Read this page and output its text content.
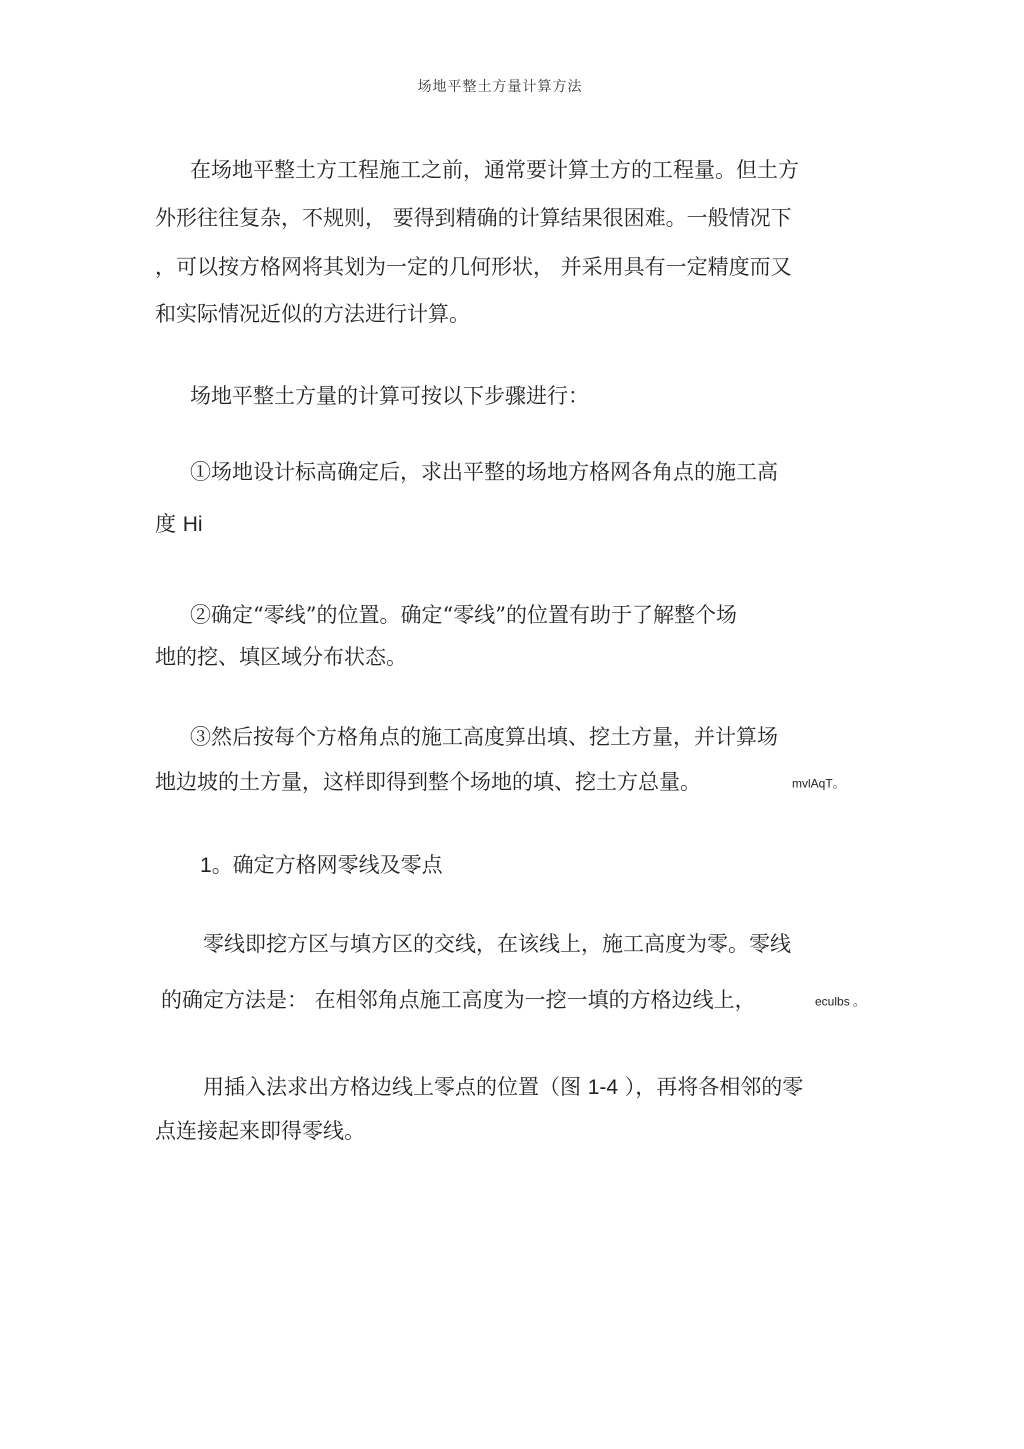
场地平整土方量计算方法
在场地平整土方工程施工之前，通常要计算土方的工程量。但土方
外形往往复杂，不规则， 要得到精确的计算结果很困难。一般情况下
，可以按方格网将其划为一定的几何形状， 并采用具有一定精度而又
和实际情况近似的方法进行计算。
场地平整土方量的计算可按以下步骤进行：
①场地设计标高确定后，求出平整的场地方格网各角点的施工高
度 Hi
②确定“零线”的位置。确定“零线”的位置有助于了解整个场
地的挖、填区域分布状态。
③然后按每个方格角点的施工高度算出填、挖土方量，并计算场
地边坡的土方量，这样即得到整个场地的填、挖土方总量。	mvlAqT。
1。确定方格网零线及零点
零线即挖方区与填方区的交线，在该线上，施工高度为零。零线
的确定方法是： 在相邻角点施工高度为一挖一填的方格边线上，	eculbs 。
用插入法求出方格边线上零点的位置（图 1-4 ），再将各相邻的零
点连接起来即得零线。
